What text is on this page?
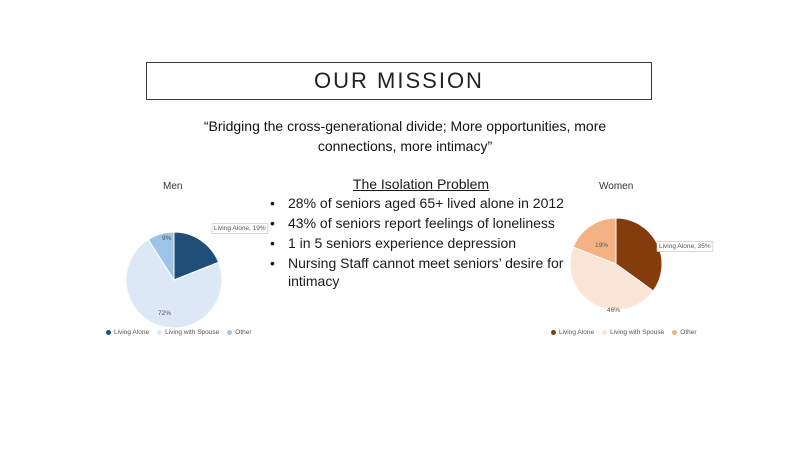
OUR MISSION
“Bridging the cross-generational divide; More opportunities, more connections, more intimacy”
The Isolation Problem
• 28% of seniors aged 65+ lived alone in 2012
• 43% of seniors report feelings of loneliness
• 1 in 5 seniors experience depression
• Nursing Staff cannot meet seniors’ desire for intimacy
Men
Living Alone, 19%
72%
9%
Living Alone Living with Spouse Other
Women
Living Alone, 35%
46%
19%
Living Alone Living with Spouse Other
